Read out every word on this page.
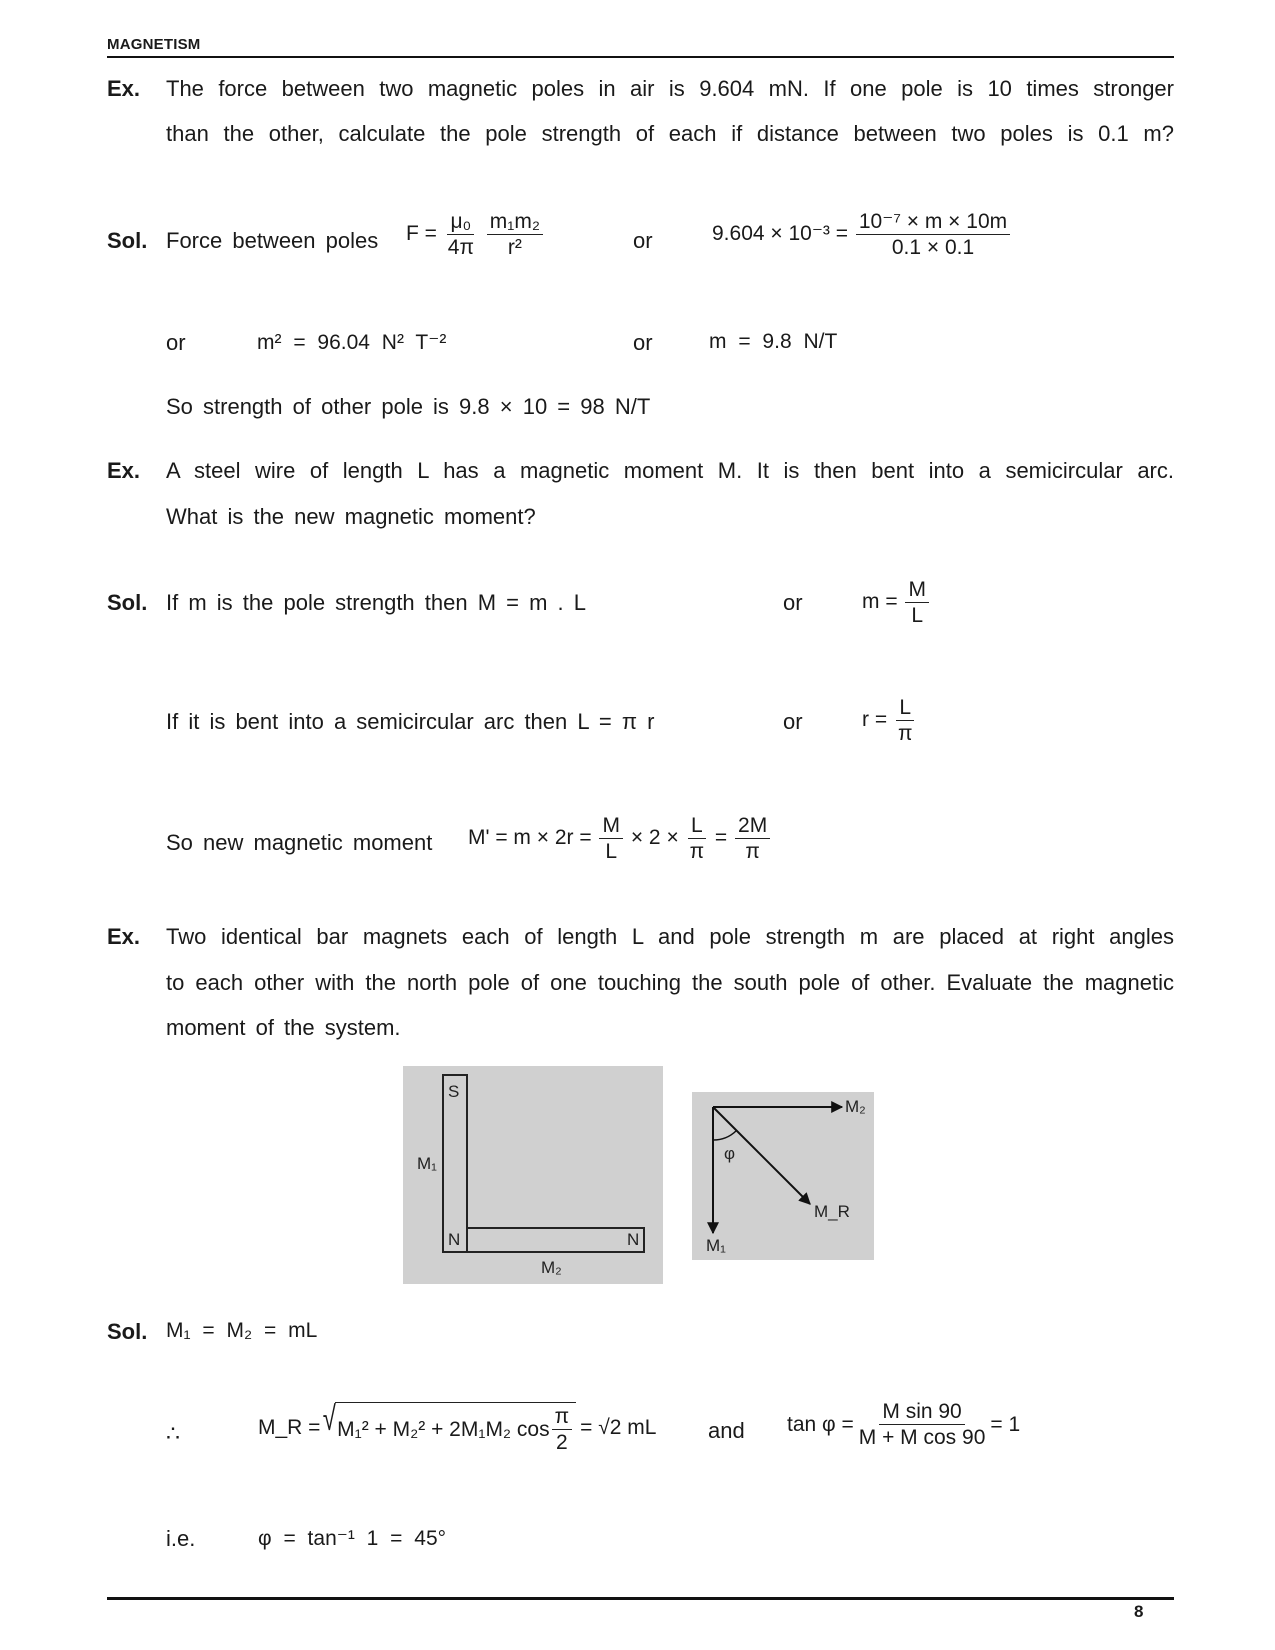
MAGNETISM
Ex. The force between two magnetic poles in air is 9.604 mN. If one pole is 10 times stronger
than the other, calculate the pole strength of each if distance between two poles is 0.1 m?
Sol. Force between poles $F = \frac{\text{μ₀}}{4\pi}$
$\frac{\text{m₁m₂}}{\text{r²}}$	or	$9.604 \times 10^{-3} = \frac{\text{10⁻⁷ × m × 10m}}{0.1 \times 0.1}$
or	m² = 96.04 N² T⁻²	or	m = 9.8 N/T
So strength of other pole is 9.8 × 10 = 98 N/T
Ex. A steel wire of length L has a magnetic moment M. It is then bent into a semicircular arc.
What is the new magnetic moment?
Sol. If m is the pole strength then M = m . L	or	$m = \frac{M}{L}$
If it is bent into a semicircular arc then L = π r	or	$r = \frac{L}{\pi}$
So new magnetic moment $M' = m \times 2r = \frac{M}{L} \times 2 \times \frac{L}{\pi} = \frac{2M}{\pi}$
Ex. Two identical bar magnets each of length L and pole strength m are placed at right angles
to each other with the north pole of one touching the south pole of other. Evaluate the magnetic
moment of the system.
S
N	N
M₁
M₂
M₂
M₁
M_R
φ
Sol. M₁ = M₂ = mL
∴	M_R = √ M₁² + M₂² + 2M₁M₂ $\cos \frac{\pi}{2} = √2$ mL and $\tan \varphi = \frac{\text{M sin 90}}{\text{M + M cos 90}} = 1$
i.e.	φ = tan⁻¹ 1 = 45°
8
